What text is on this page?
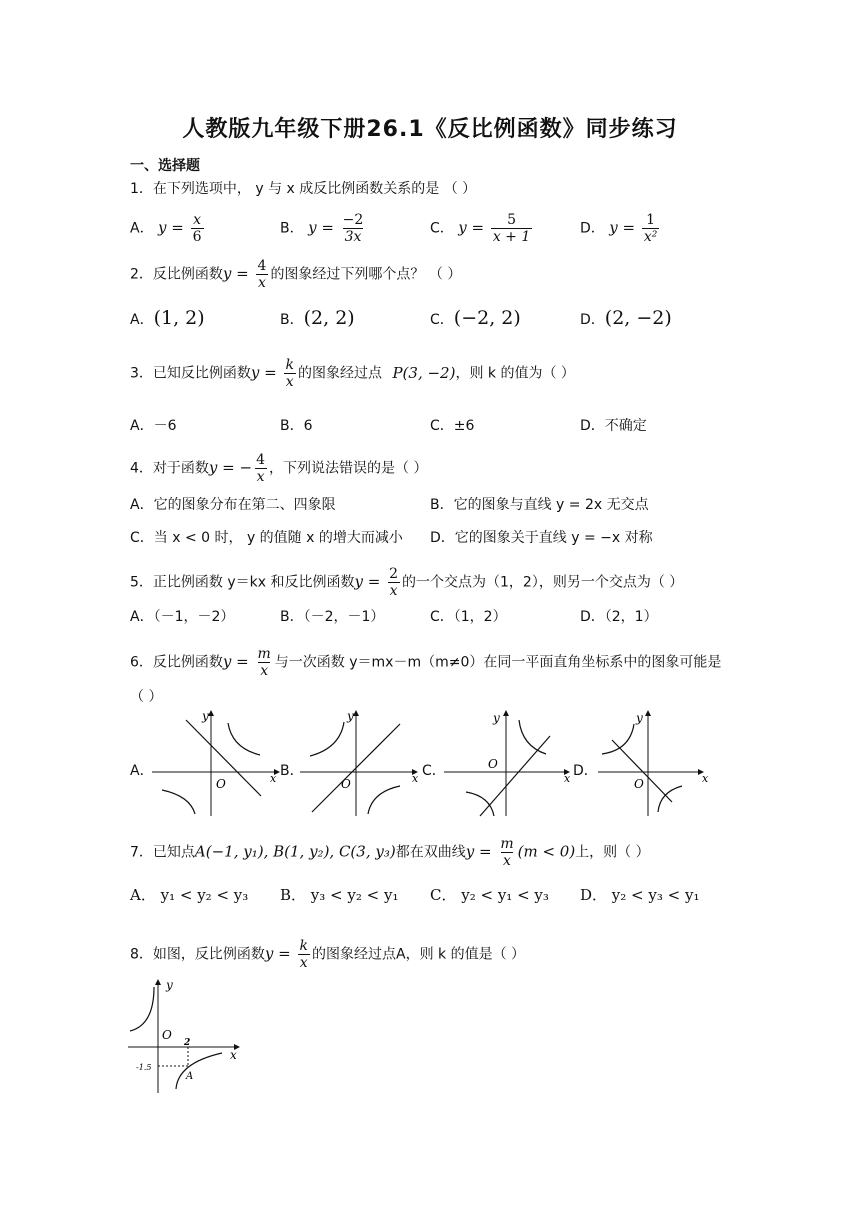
人教版九年级下册26.1《反比例函数》同步练习
一、选择题
1．在下列选项中， y 与 x 成反比例函数关系的是 （ ）
A． $y = \frac{x}{6}$	B． $y = \frac{-2}{3x}$	C． $y = \frac{5}{x + 1}$	D． $y = \frac{1}{\text{x²}}$
2．反比例函数$y = \frac{4}{x}$ 的图象经过下列哪个点？ （ ）
A．(1, 2)	B．(2, 2)	C．(−2, 2)	D．(2, −2)
3．已知反比例函数$y = \frac{k}{x}$ 的图象经过点 P(3, −2)，则 k 的值为（ ）
A．－6	B．6	C．±6	D．不确定
4．对于函数y = − $\frac{4}{x}$ ，下列说法错误的是（ ）
A．它的图象分布在第二、四象限	B．它的图象与直线 y = 2x 无交点
C．当 x < 0 时， y 的值随 x 的增大而减小 D．它的图象关于直线 y = −x 对称
5．正比例函数 y＝kx 和反比例函数$y = \frac{2}{x}$ 的一个交点为（1，2），则另一个交点为（ ）
A．（－1，－2）	B．（－2，－1）	C．（1，2）	D．（2，1）
6．反比例函数$y = \frac{m}{x}$ 与一次函数 y＝mx－m（m≠0）在同一平面直角坐标系中的图象可能是
（ ）
A．	B．	C．	D．
y
x
O
y
x
O
y
x
O
y
x
O
7．已知点A(−1, y₁), B(1, y₂), C(3, y₃)都在双曲线$y = \frac{m}{x} (m < 0)$上，则（ ）
A． y₁ < y₂ < y₃ B． y₃ < y₂ < y₁ C． y₂ < y₁ < y₃ D． y₂ < y₃ < y₁
8．如图，反比例函数$y = \frac{k}{x}$ 的图象经过点A，则 k 的值是（ ）
y
x
O
2
-1.5
A
